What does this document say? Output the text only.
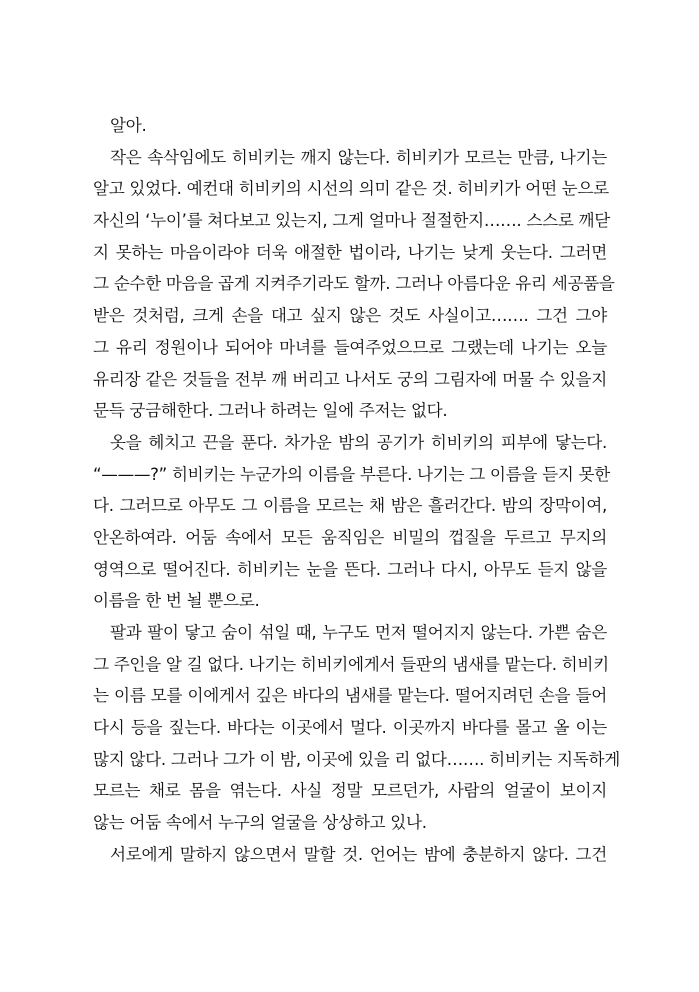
알아.
작은 속삭임에도 히비키는 깨지 않는다. 히비키가 모르는 만큼, 나기는
알고 있었다. 예컨대 히비키의 시선의 의미 같은 것. 히비키가 어떤 눈으로
자신의 ‘누이’를 쳐다보고 있는지, 그게 얼마나 절절한지……. 스스로 깨닫
지 못하는 마음이라야 더욱 애절한 법이라, 나기는 낮게 웃는다. 그러면
그 순수한 마음을 곱게 지켜주기라도 할까. 그러나 아름다운 유리 세공품을
받은 것처럼, 크게 손을 대고 싶지 않은 것도 사실이고……. 그건 그야
그 유리 정원이나 되어야 마녀를 들여주었으므로 그랬는데 나기는 오늘
유리장 같은 것들을 전부 깨 버리고 나서도 궁의 그림자에 머물 수 있을지
문득 궁금해한다. 그러나 하려는 일에 주저는 없다.
옷을 헤치고 끈을 푼다. 차가운 밤의 공기가 히비키의 피부에 닿는다.
“———?” 히비키는 누군가의 이름을 부른다. 나기는 그 이름을 듣지 못한
다. 그러므로 아무도 그 이름을 모르는 채 밤은 흘러간다. 밤의 장막이여,
안온하여라. 어둠 속에서 모든 움직임은 비밀의 껍질을 두르고 무지의
영역으로 떨어진다. 히비키는 눈을 뜬다. 그러나 다시, 아무도 듣지 않을
이름을 한 번 뇔 뿐으로.
팔과 팔이 닿고 숨이 섞일 때, 누구도 먼저 떨어지지 않는다. 가쁜 숨은
그 주인을 알 길 없다. 나기는 히비키에게서 들판의 냄새를 맡는다. 히비키
는 이름 모를 이에게서 깊은 바다의 냄새를 맡는다. 떨어지려던 손을 들어
다시 등을 짚는다. 바다는 이곳에서 멀다. 이곳까지 바다를 몰고 올 이는
많지 않다. 그러나 그가 이 밤, 이곳에 있을 리 없다……. 히비키는 지독하게
모르는 채로 몸을 엮는다. 사실 정말 모르던가, 사람의 얼굴이 보이지
않는 어둠 속에서 누구의 얼굴을 상상하고 있나.
서로에게 말하지 않으면서 말할 것. 언어는 밤에 충분하지 않다. 그건
